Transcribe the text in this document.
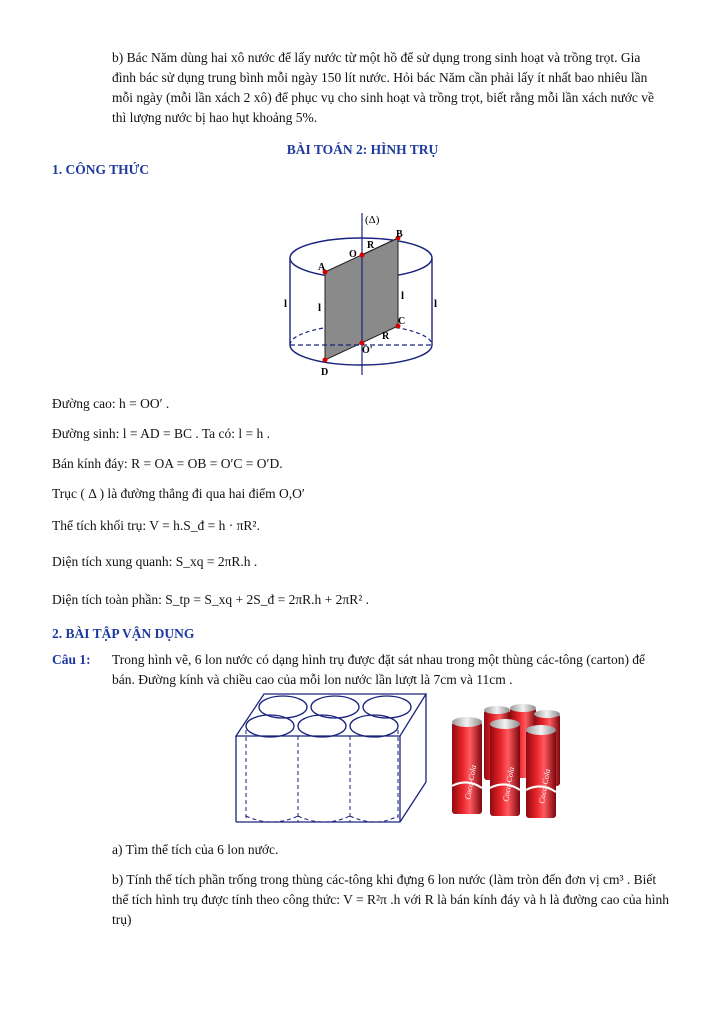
b) Bác Năm dùng hai xô nước để lấy nước từ một hồ để sử dụng trong sinh hoạt và trồng trọt. Gia đình bác sử dụng trung bình mỗi ngày 150 lít nước. Hỏi bác Năm cần phải lấy ít nhất bao nhiêu lần mỗi ngày (mỗi lần xách 2 xô) để phục vụ cho sinh hoạt và trồng trọt, biết rằng mỗi lần xách nước về thì lượng nước bị hao hụt khoảng 5%.
BÀI TOÁN 2: HÌNH TRỤ
1. CÔNG THỨC
(Δ)
B
R
O
A
l	l
l
l
C
R
O'
D
Đường cao: h = OO′ .
Đường sinh: l = AD = BC . Ta có: l = h .
Bán kính đáy: R = OA = OB = O′C = O′D.
Trục ( Δ ) là đường thẳng đi qua hai điểm O,O′
Thể tích khối trụ: V = h.S_đ = h · πR².
Diện tích xung quanh: S_xq = 2πR.h .
Diện tích toàn phần: S_tp = S_xq + 2S_đ = 2πR.h + 2πR² .
2. BÀI TẬP VẬN DỤNG
Câu 1: Trong hình vẽ, 6 lon nước có dạng hình trụ được đặt sát nhau trong một thùng các-tông (carton) để bán. Đường kính và chiều cao của mỗi lon nước lần lượt là 7cm và 11cm .
Coca-Cola	Coca-Cola	Coca-Cola
a) Tìm thể tích của 6 lon nước.
b) Tính thể tích phần trống trong thùng các-tông khi đựng 6 lon nước (làm tròn đến đơn vị cm³ . Biết thể tích hình trụ được tính theo công thức: V = R²π .h với R là bán kính đáy và h là đường cao của hình trụ)
